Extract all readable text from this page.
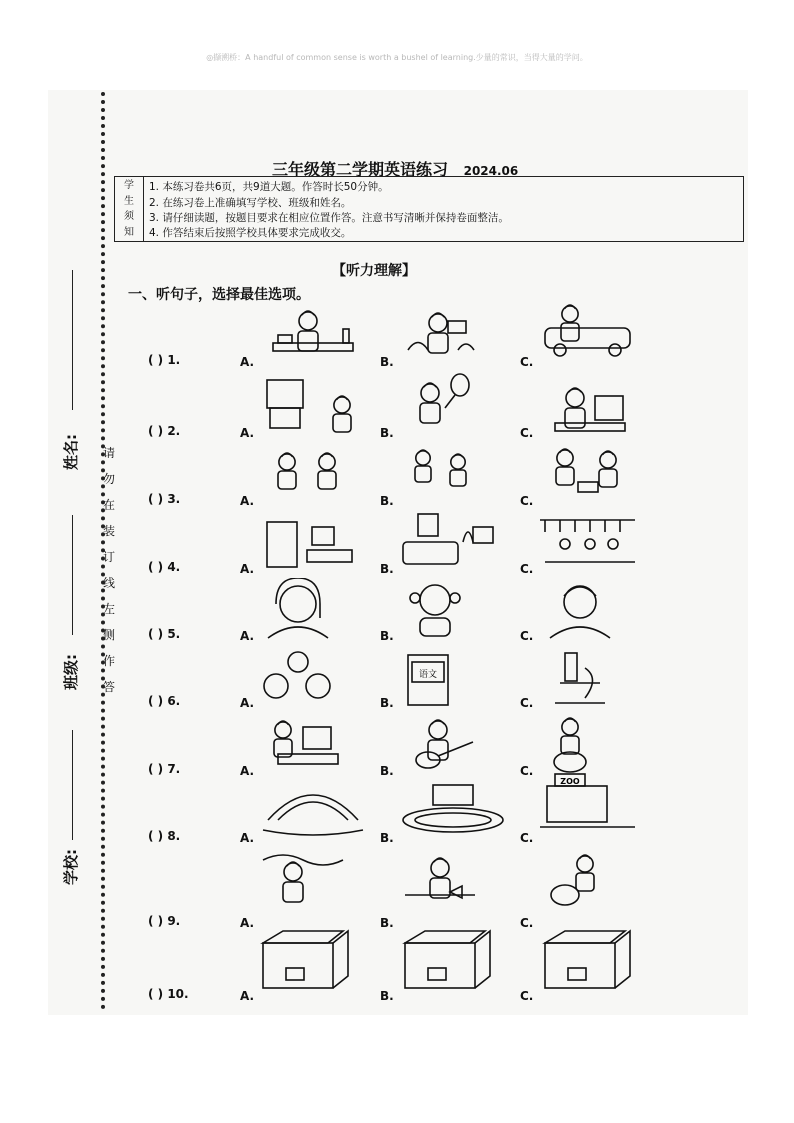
◎撷溯桥：A handful of common sense is worth a bushel of learning.少量的常识，当得大量的学问。
姓名:
班级:
学校:
请
勿
在
装
订
线
左
侧
作
答
三年级第二学期英语练习 2024.06
学
生
须
知
1. 本练习卷共6页，共9道大题。作答时长50分钟。
2. 在练习卷上准确填写学校、班级和姓名。
3. 请仔细读题，按题目要求在相应位置作答。注意书写清晰并保持卷面整洁。
4. 作答结束后按照学校具体要求完成收交。
【听力理解】
一、听句子，选择最佳选项。
( ) 1.	A.	B.	C.
( ) 2.	A.	B.	C.
( ) 3.	A.	B.	C.
( ) 4.	A.	B.	C.
( ) 5.	A.	B.	C.
( ) 6.	A.	B.	C.
( ) 7.	A.	B.	C.
( ) 8.	A.	B.	C.
( ) 9.	A.	B.	C.
( ) 10.	A.	B.	C.
语文
ZOO
